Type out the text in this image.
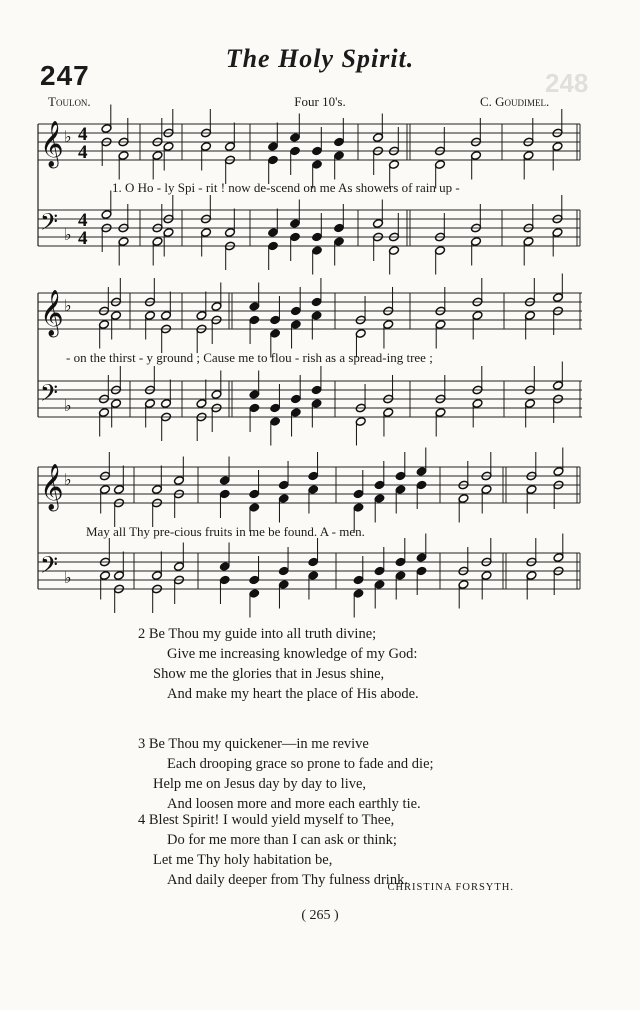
248
247
The Holy Spirit.
Toulon.	Four 10's.	C. Goudimel.
𝄞 ♭ 4
4
𝄢 ♭
4
4
𝄞 ♭
𝄢 ♭
𝄞 ♭
𝄢 ♭
1. O Ho - ly Spi - rit ! now de-scend on me As showers of rain up -
- on the thirst - y ground ; Cause me to flou - rish as a spread-ing tree ;
May all Thy pre-cious fruits in me be found. A - men.
2 Be Thou my guide into all truth divine;
Give me increasing knowledge of my God:
Show me the glories that in Jesus shine,
And make my heart the place of His abode.
3 Be Thou my quickener—in me revive
Each drooping grace so prone to fade and die;
Help me on Jesus day by day to live,
And loosen more and more each earthly tie.
4 Blest Spirit! I would yield myself to Thee,
Do for me more than I can ask or think;
Let me Thy holy habitation be,
And daily deeper from Thy fulness drink.
CHRISTINA FORSYTH.
( 265 )
